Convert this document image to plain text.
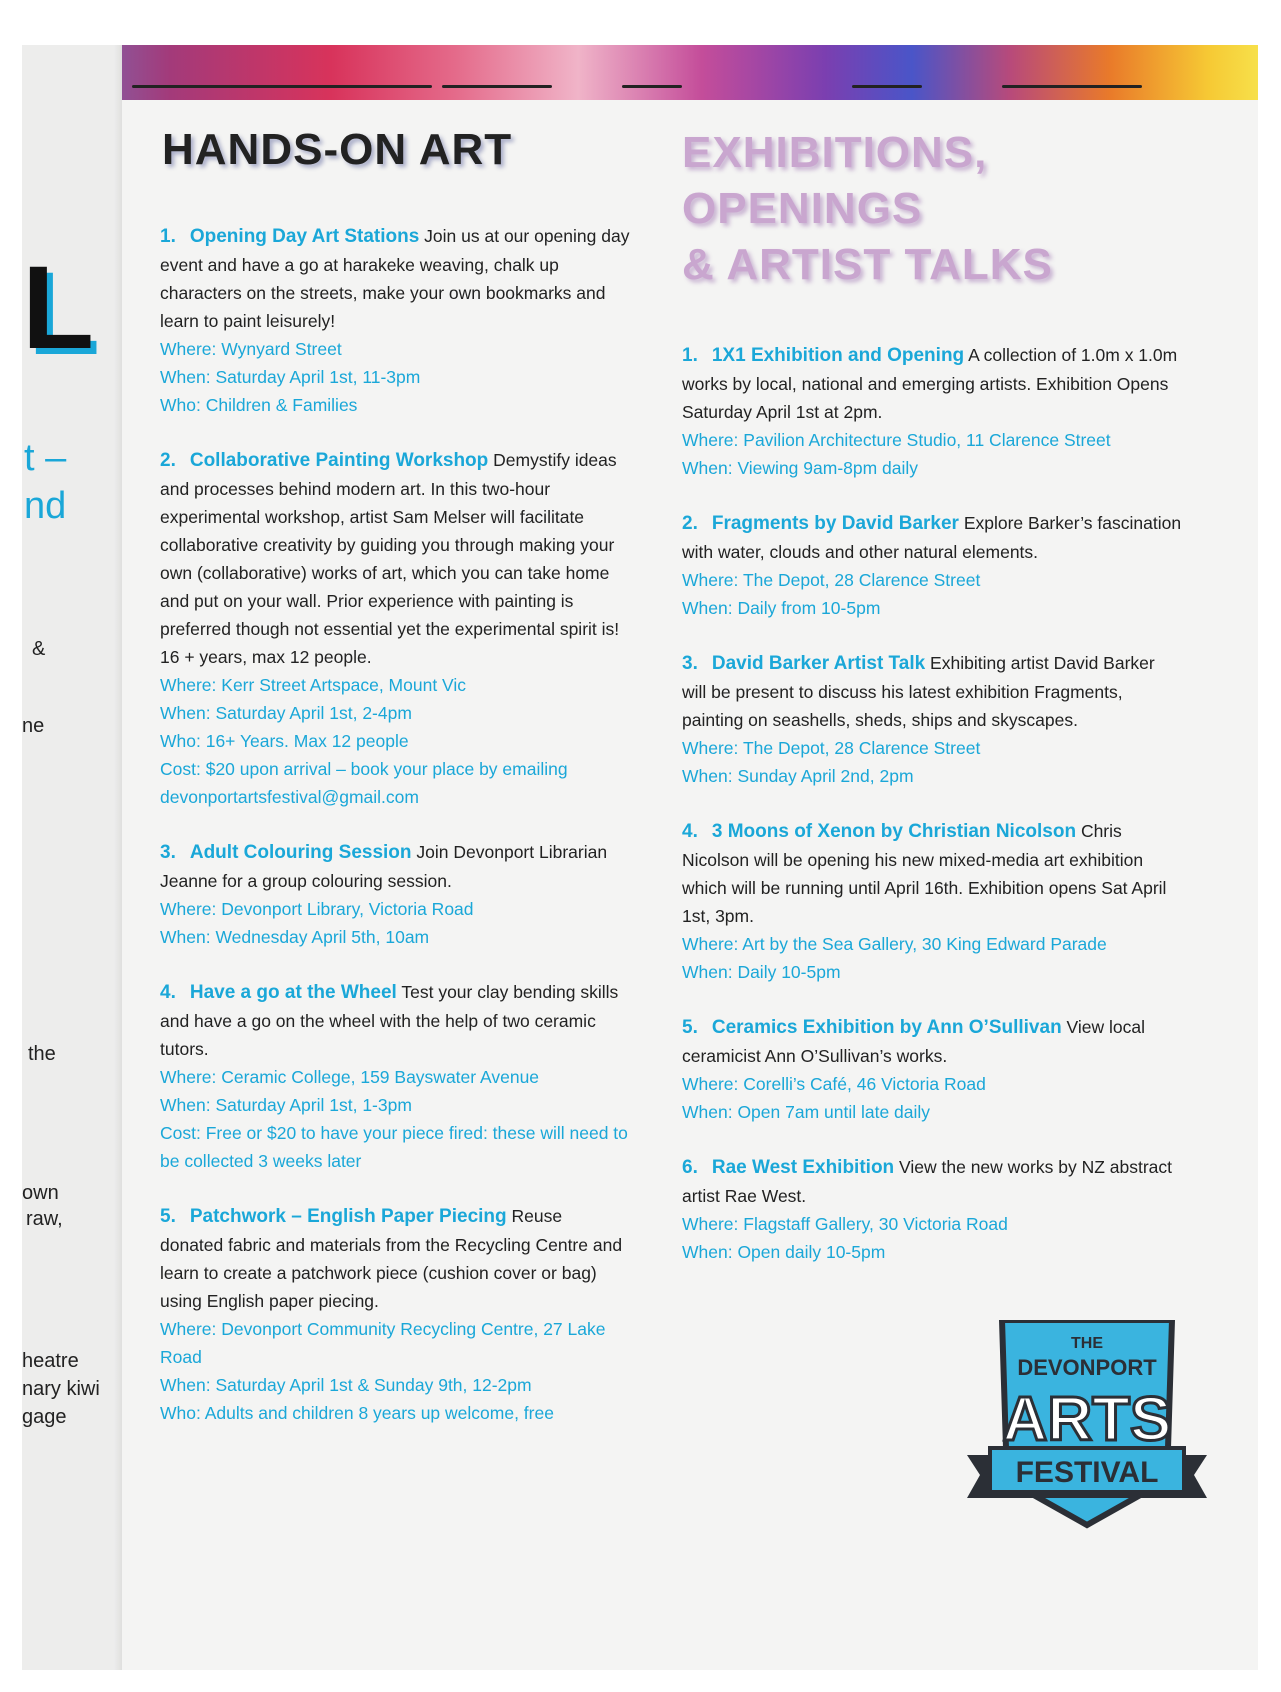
L
t –
nd
&
ne
the
own
raw,
heatre
nary kiwi
gage
HANDS-ON ART	EXHIBITIONS,
OPENINGS
& ARTIST TALKS

1. Opening Day Art Stations Join us at our opening day event and have a go at harakeke weaving, chalk up characters on the streets, make your own bookmarks and learn to paint leisurely!

Where: Wynyard Street
When: Saturday April 1st, 11-3pm
Who: Children & Families

2. Collaborative Painting Workshop Demystify ideas and processes behind modern art. In this two-hour experimental workshop, artist Sam Melser will facilitate collaborative creativity by guiding you through making your own (collaborative) works of art, which you can take home and put on your wall. Prior experience with painting is preferred though not essential yet the experimental spirit is! 16 + years, max 12 people.

Where: Kerr Street Artspace, Mount Vic
When: Saturday April 1st, 2-4pm
Who: 16+ Years. Max 12 people
Cost: $20 upon arrival – book your place by emailing devonportartsfestival@gmail.com

3. Adult Colouring Session Join Devonport Librarian Jeanne for a group colouring session.

Where: Devonport Library, Victoria Road
When: Wednesday April 5th, 10am

4. Have a go at the Wheel Test your clay bending skills and have a go on the wheel with the help of two ceramic tutors.

Where: Ceramic College, 159 Bayswater Avenue
When: Saturday April 1st, 1-3pm
Cost: Free or $20 to have your piece fired: these will need to be collected 3 weeks later

5. Patchwork – English Paper Piecing Reuse donated fabric and materials from the Recycling Centre and learn to create a patchwork piece (cushion cover or bag) using English paper piecing.

Where: Devonport Community Recycling Centre, 27 Lake Road
When: Saturday April 1st & Sunday 9th, 12-2pm
Who: Adults and children 8 years up welcome, free

1. 1X1 Exhibition and Opening A collection of 1.0m x 1.0m works by local, national and emerging artists. Exhibition Opens Saturday April 1st at 2pm.

Where: Pavilion Architecture Studio, 11 Clarence Street
When: Viewing 9am-8pm daily

2. Fragments by David Barker Explore Barker’s fascination with water, clouds and other natural elements.

Where: The Depot, 28 Clarence Street
When: Daily from 10-5pm

3. David Barker Artist Talk Exhibiting artist David Barker will be present to discuss his latest exhibition Fragments, painting on seashells, sheds, ships and skyscapes.

Where: The Depot, 28 Clarence Street
When: Sunday April 2nd, 2pm

4. 3 Moons of Xenon by Christian Nicolson Chris Nicolson will be opening his new mixed-media art exhibition which will be running until April 16th. Exhibition opens Sat April 1st, 3pm.

Where: Art by the Sea Gallery, 30 King Edward Parade
When: Daily 10-5pm

5. Ceramics Exhibition by Ann O’Sullivan View local ceramicist Ann O’Sullivan’s works.

Where: Corelli’s Café, 46 Victoria Road
When: Open 7am until late daily

6. Rae West Exhibition View the new works by NZ abstract artist Rae West.

Where: Flagstaff Gallery, 30 Victoria Road
When: Open daily 10-5pm
THE
DEVONPORT
ARTS
FESTIVAL
